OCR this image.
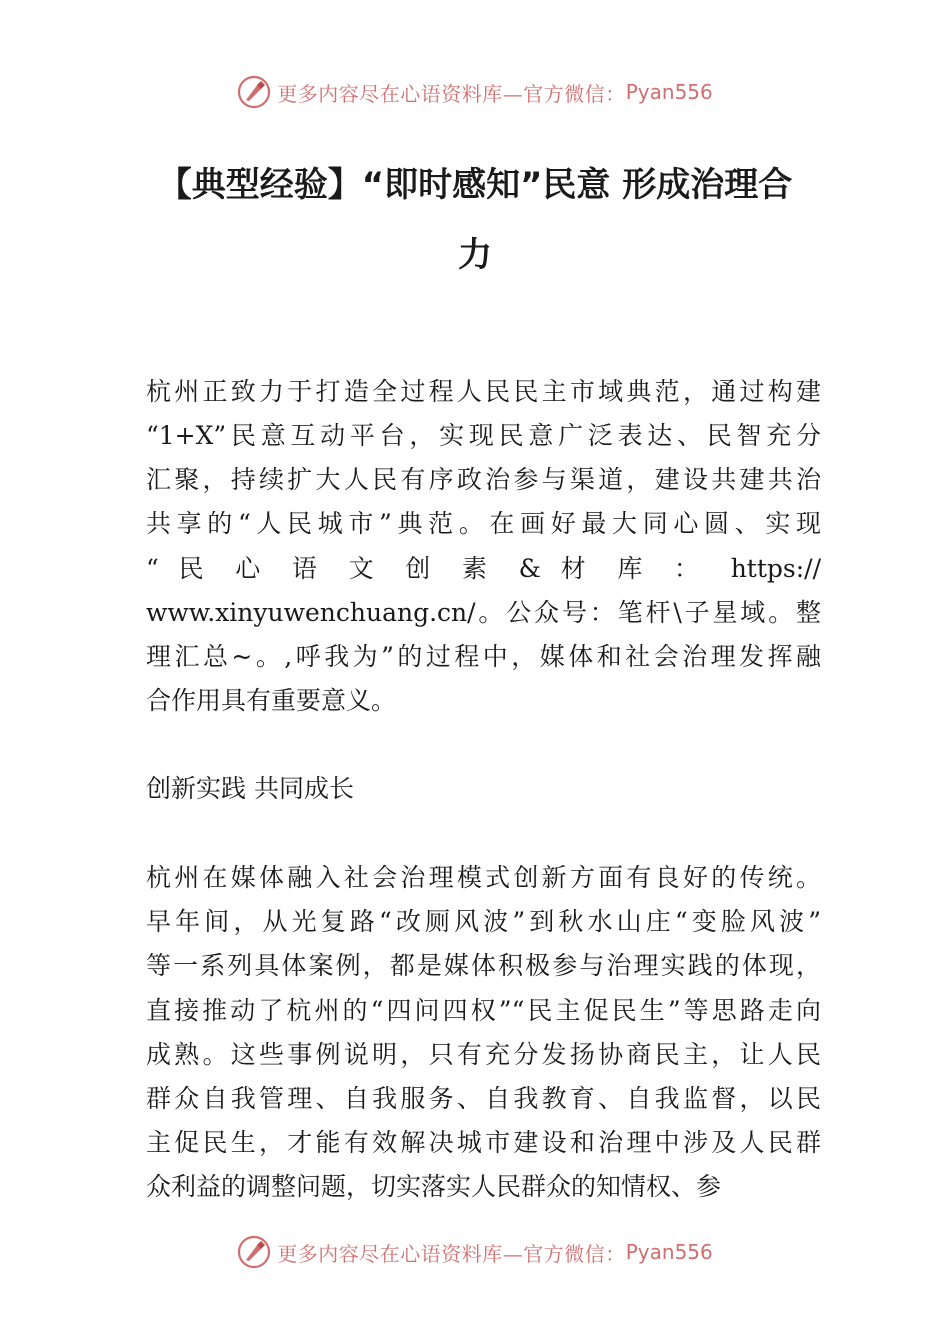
更多内容尽在心语资料库—官方微信： Pyan556
【典型经验】“即时感知”民意 形成治理合
力
杭州正致力于打造全过程人民民主市域典范，通过构建
“1+X”民意互动平台，实现民意广泛表达、民智充分
汇聚，持续扩大人民有序政治参与渠道，建设共建共治
共享的“人民城市”典范。在画好最大同心圆、实现
“ 民 心 语 文 创 素 & 材 库 ： https://
www.xinyuwenchuang.cn/。公众号：笔杆\子星域。整
理汇总~。,呼我为”的过程中，媒体和社会治理发挥融
合作用具有重要意义。
创新实践 共同成长
杭州在媒体融入社会治理模式创新方面有良好的传统。
早年间，从光复路“改厕风波”到秋水山庄“变脸风波”
等一系列具体案例，都是媒体积极参与治理实践的体现，
直接推动了杭州的“四问四权”“民主促民生”等思路走向
成熟。这些事例说明，只有充分发扬协商民主，让人民
群众自我管理、自我服务、自我教育、自我监督，以民
主促民生，才能有效解决城市建设和治理中涉及人民群
众利益的调整问题，切实落实人民群众的知情权、参
更多内容尽在心语资料库—官方微信： Pyan556
